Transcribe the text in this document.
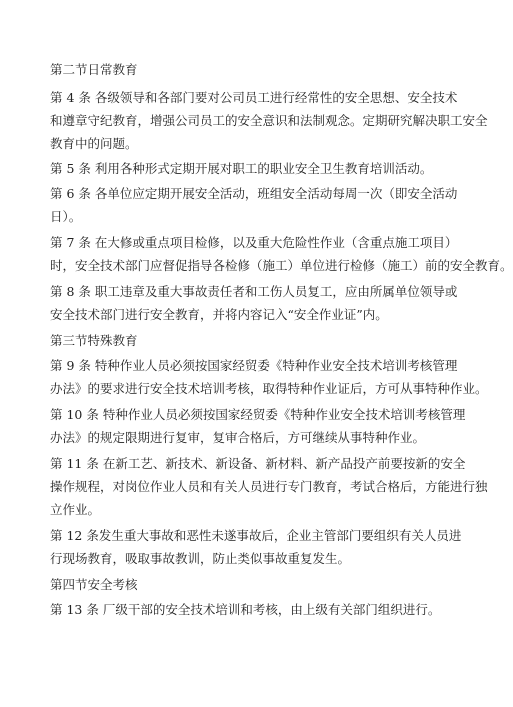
第二节日常教育
第 4 条 各级领导和各部门要对公司员工进行经常性的安全思想、安全技术
和遵章守纪教育，增强公司员工的安全意识和法制观念。定期研究解决职工安全
教育中的问题。
第 5 条 利用各种形式定期开展对职工的职业安全卫生教育培训活动。
第 6 条 各单位应定期开展安全活动，班组安全活动每周一次（即安全活动
日）。
第 7 条 在大修或重点项目检修，以及重大危险性作业（含重点施工项目）
时，安全技术部门应督促指导各检修（施工）单位进行检修（施工）前的安全教育。
第 8 条 职工违章及重大事故责任者和工伤人员复工，应由所属单位领导或
安全技术部门进行安全教育，并将内容记入“安全作业证”内。
第三节特殊教育
第 9 条 特种作业人员必须按国家经贸委《特种作业安全技术培训考核管理
办法》的要求进行安全技术培训考核，取得特种作业证后，方可从事特种作业。
第 10 条 特种作业人员必须按国家经贸委《特种作业安全技术培训考核管理
办法》的规定限期进行复审，复审合格后，方可继续从事特种作业。
第 11 条 在新工艺、新技术、新设备、新材料、新产品投产前要按新的安全
操作规程，对岗位作业人员和有关人员进行专门教育，考试合格后，方能进行独
立作业。
第 12 条发生重大事故和恶性未遂事故后，企业主管部门要组织有关人员进
行现场教育，吸取事故教训，防止类似事故重复发生。
第四节安全考核
第 13 条 厂级干部的安全技术培训和考核，由上级有关部门组织进行。
